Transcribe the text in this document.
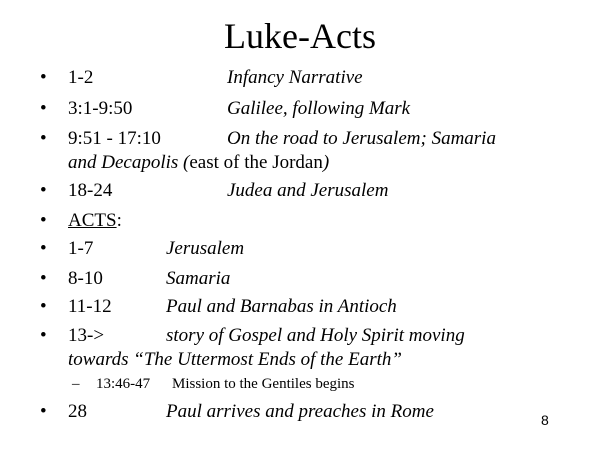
Luke-Acts
• 1-2	Infancy Narrative
• 3:1-9:50	Galilee, following Mark
• 9:51 - 17:10	On the road to Jerusalem; Samaria
and Decapolis (east of the Jordan)
• 18-24	Judea and Jerusalem
• ACTS:
• 1-7	Jerusalem
• 8-10	Samaria
• 11-12	Paul and Barnabas in Antioch
• 13->	story of Gospel and Holy Spirit moving
towards “The Uttermost Ends of the Earth”
– 13:46-47 Mission to the Gentiles begins
• 28	Paul arrives and preaches in Rome	8
